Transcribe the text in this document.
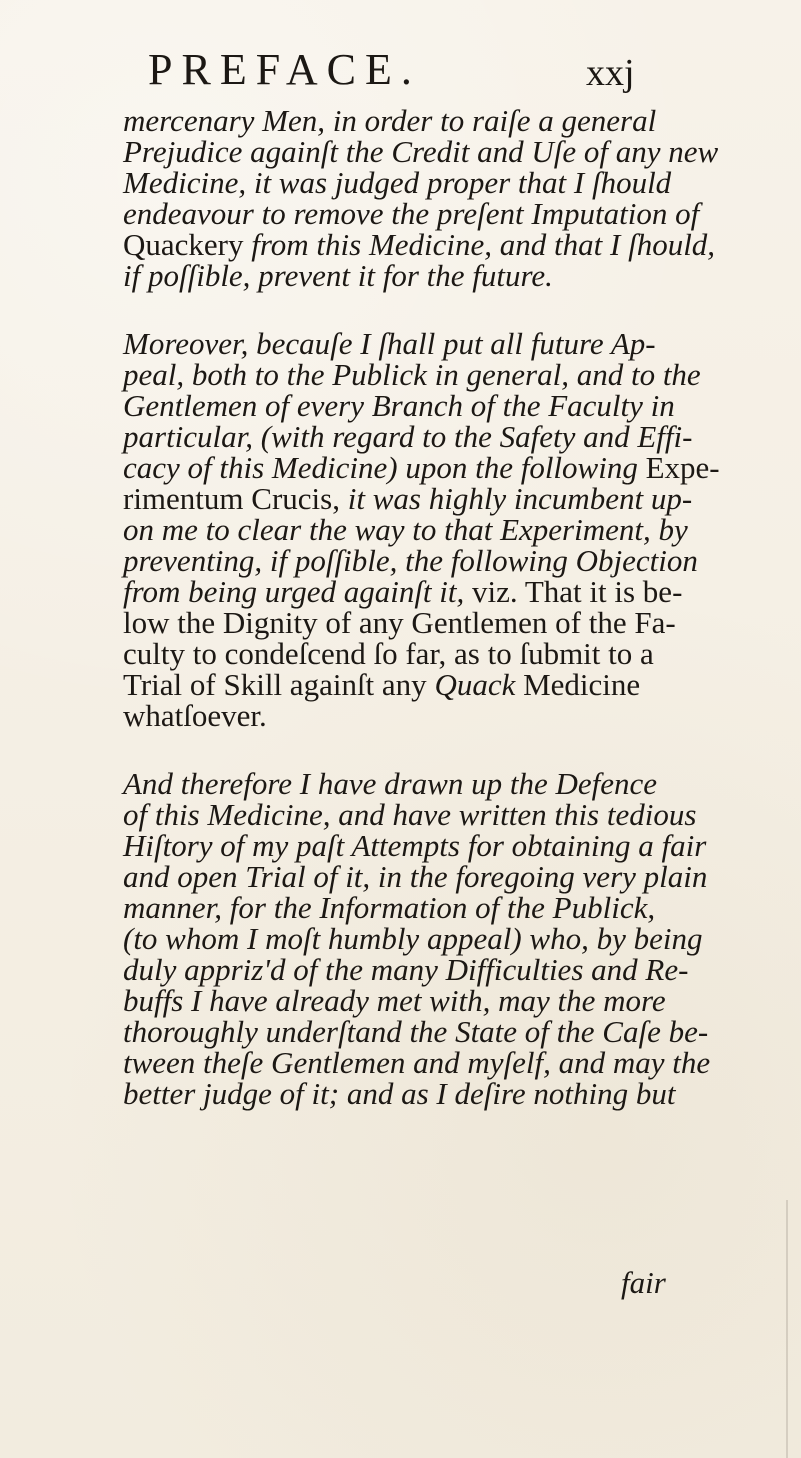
PREFACE.	xxj
mercenary Men, in order to raiſe a general
Prejudice againſt the Credit and Uſe of any new
Medicine, it was judged proper that I ſhould
endeavour to remove the preſent Imputation of
Quackery from this Medicine, and that I ſhould,
if poſſible, prevent it for the future.
Moreover, becauſe I ſhall put all future Ap-
peal, both to the Publick in general, and to the
Gentlemen of every Branch of the Faculty in
particular, (with regard to the Safety and Effi-
cacy of this Medicine) upon the following Expe-
rimentum Crucis, it was highly incumbent up-
on me to clear the way to that Experiment, by
preventing, if poſſible, the following Objection
from being urged againſt it, viz. That it is be-
low the Dignity of any Gentlemen of the Fa-
culty to condeſcend ſo far, as to ſubmit to a
Trial of Skill againſt any Quack Medicine
whatſoever.
And therefore I have drawn up the Defence
of this Medicine, and have written this tedious
Hiſtory of my paſt Attempts for obtaining a fair
and open Trial of it, in the foregoing very plain
manner, for the Information of the Publick,
(to whom I moſt humbly appeal) who, by being
duly appriz'd of the many Difficulties and Re-
buffs I have already met with, may the more
thoroughly underſtand the State of the Caſe be-
tween theſe Gentlemen and myſelf, and may the
better judge of it; and as I deſire nothing but
fair
